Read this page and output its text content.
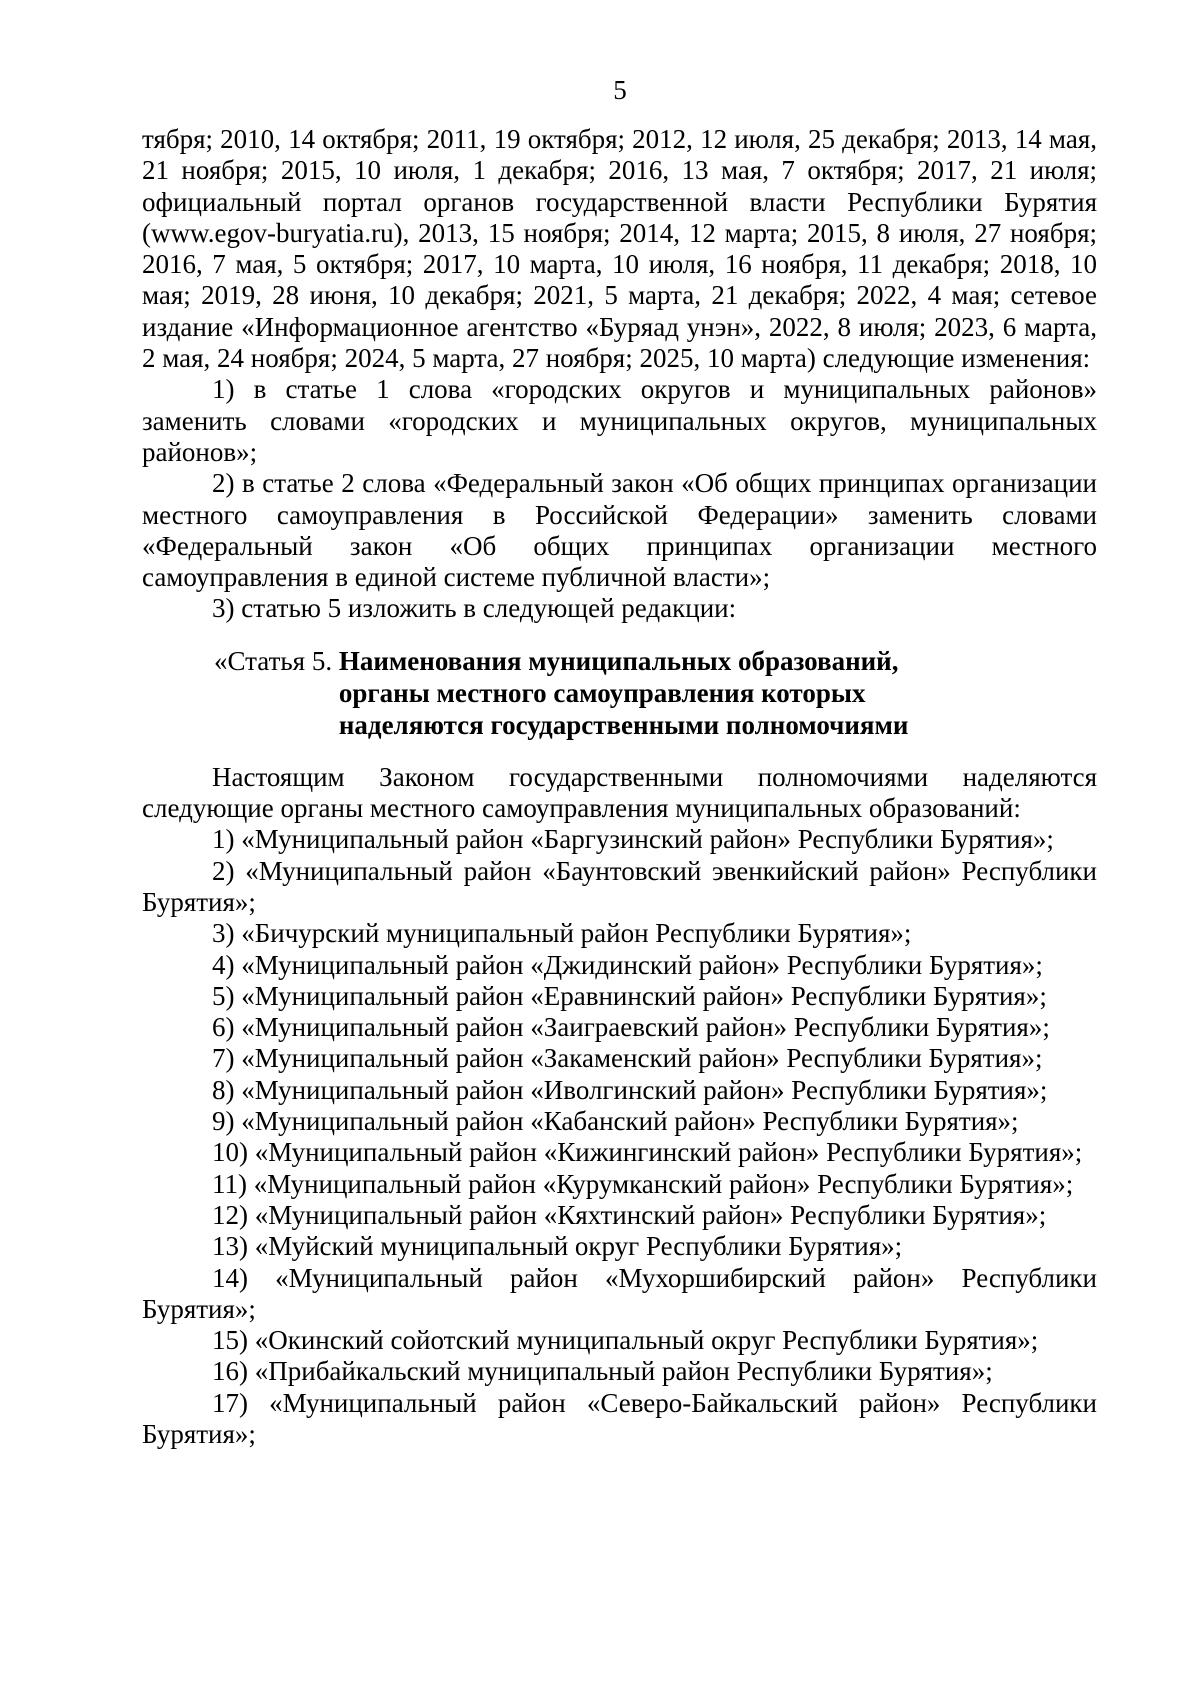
5

тября; 2010, 14 октября; 2011, 19 октября; 2012, 12 июля, 25 декабря; 2013, 14 мая, 21 ноября; 2015, 10 июля, 1 декабря; 2016, 13 мая, 7 октября; 2017, 21 июля; официальный портал органов государственной власти Республики Бурятия (www.egov-buryatia.ru), 2013, 15 ноября; 2014, 12 марта; 2015, 8 июля, 27 ноября; 2016, 7 мая, 5 октября; 2017, 10 марта, 10 июля, 16 ноября, 11 декабря; 2018, 10 мая; 2019, 28 июня, 10 декабря; 2021, 5 марта, 21 декабря; 2022, 4 мая; сетевое издание «Информационное агентство «Буряад унэн», 2022, 8 июля; 2023, 6 марта, 2 мая, 24 ноября; 2024, 5 марта, 27 ноября; 2025, 10 марта) следующие изменения:

1) в статье 1 слова «городских округов и муниципальных районов» заменить словами «городских и муниципальных округов, муниципальных районов»;

2) в статье 2 слова «Федеральный закон «Об общих принципах организации местного самоуправления в Российской Федерации» заменить словами «Федеральный закон «Об общих принципах организации местного самоуправления в единой системе публичной власти»;

3) статью 5 изложить в следующей редакции:

«Статья 5. Наименования муниципальных образований,
органы местного самоуправления которых
наделяются государственными полномочиями

Настоящим Законом государственными полномочиями наделяются следующие органы местного самоуправления муниципальных образований:

1) «Муниципальный район «Баргузинский район» Республики Бурятия»;

2) «Муниципальный район «Баунтовский эвенкийский район» Республики Бурятия»;

3) «Бичурский муниципальный район Республики Бурятия»;

4) «Муниципальный район «Джидинский район» Республики Бурятия»;

5) «Муниципальный район «Еравнинский район» Республики Бурятия»;

6) «Муниципальный район «Заиграевский район» Республики Бурятия»;

7) «Муниципальный район «Закаменский район» Республики Бурятия»;

8) «Муниципальный район «Иволгинский район» Республики Бурятия»;

9) «Муниципальный район «Кабанский район» Республики Бурятия»;

10) «Муниципальный район «Кижингинский район» Республики Бурятия»;

11) «Муниципальный район «Курумканский район» Республики Бурятия»;

12) «Муниципальный район «Кяхтинский район» Республики Бурятия»;

13) «Муйский муниципальный округ Республики Бурятия»;

14) «Муниципальный район «Мухоршибирский район» Республики Бурятия»;

15) «Окинский сойотский муниципальный округ Республики Бурятия»;

16) «Прибайкальский муниципальный район Республики Бурятия»;

17) «Муниципальный район «Северо-Байкальский район» Республики Бурятия»;
